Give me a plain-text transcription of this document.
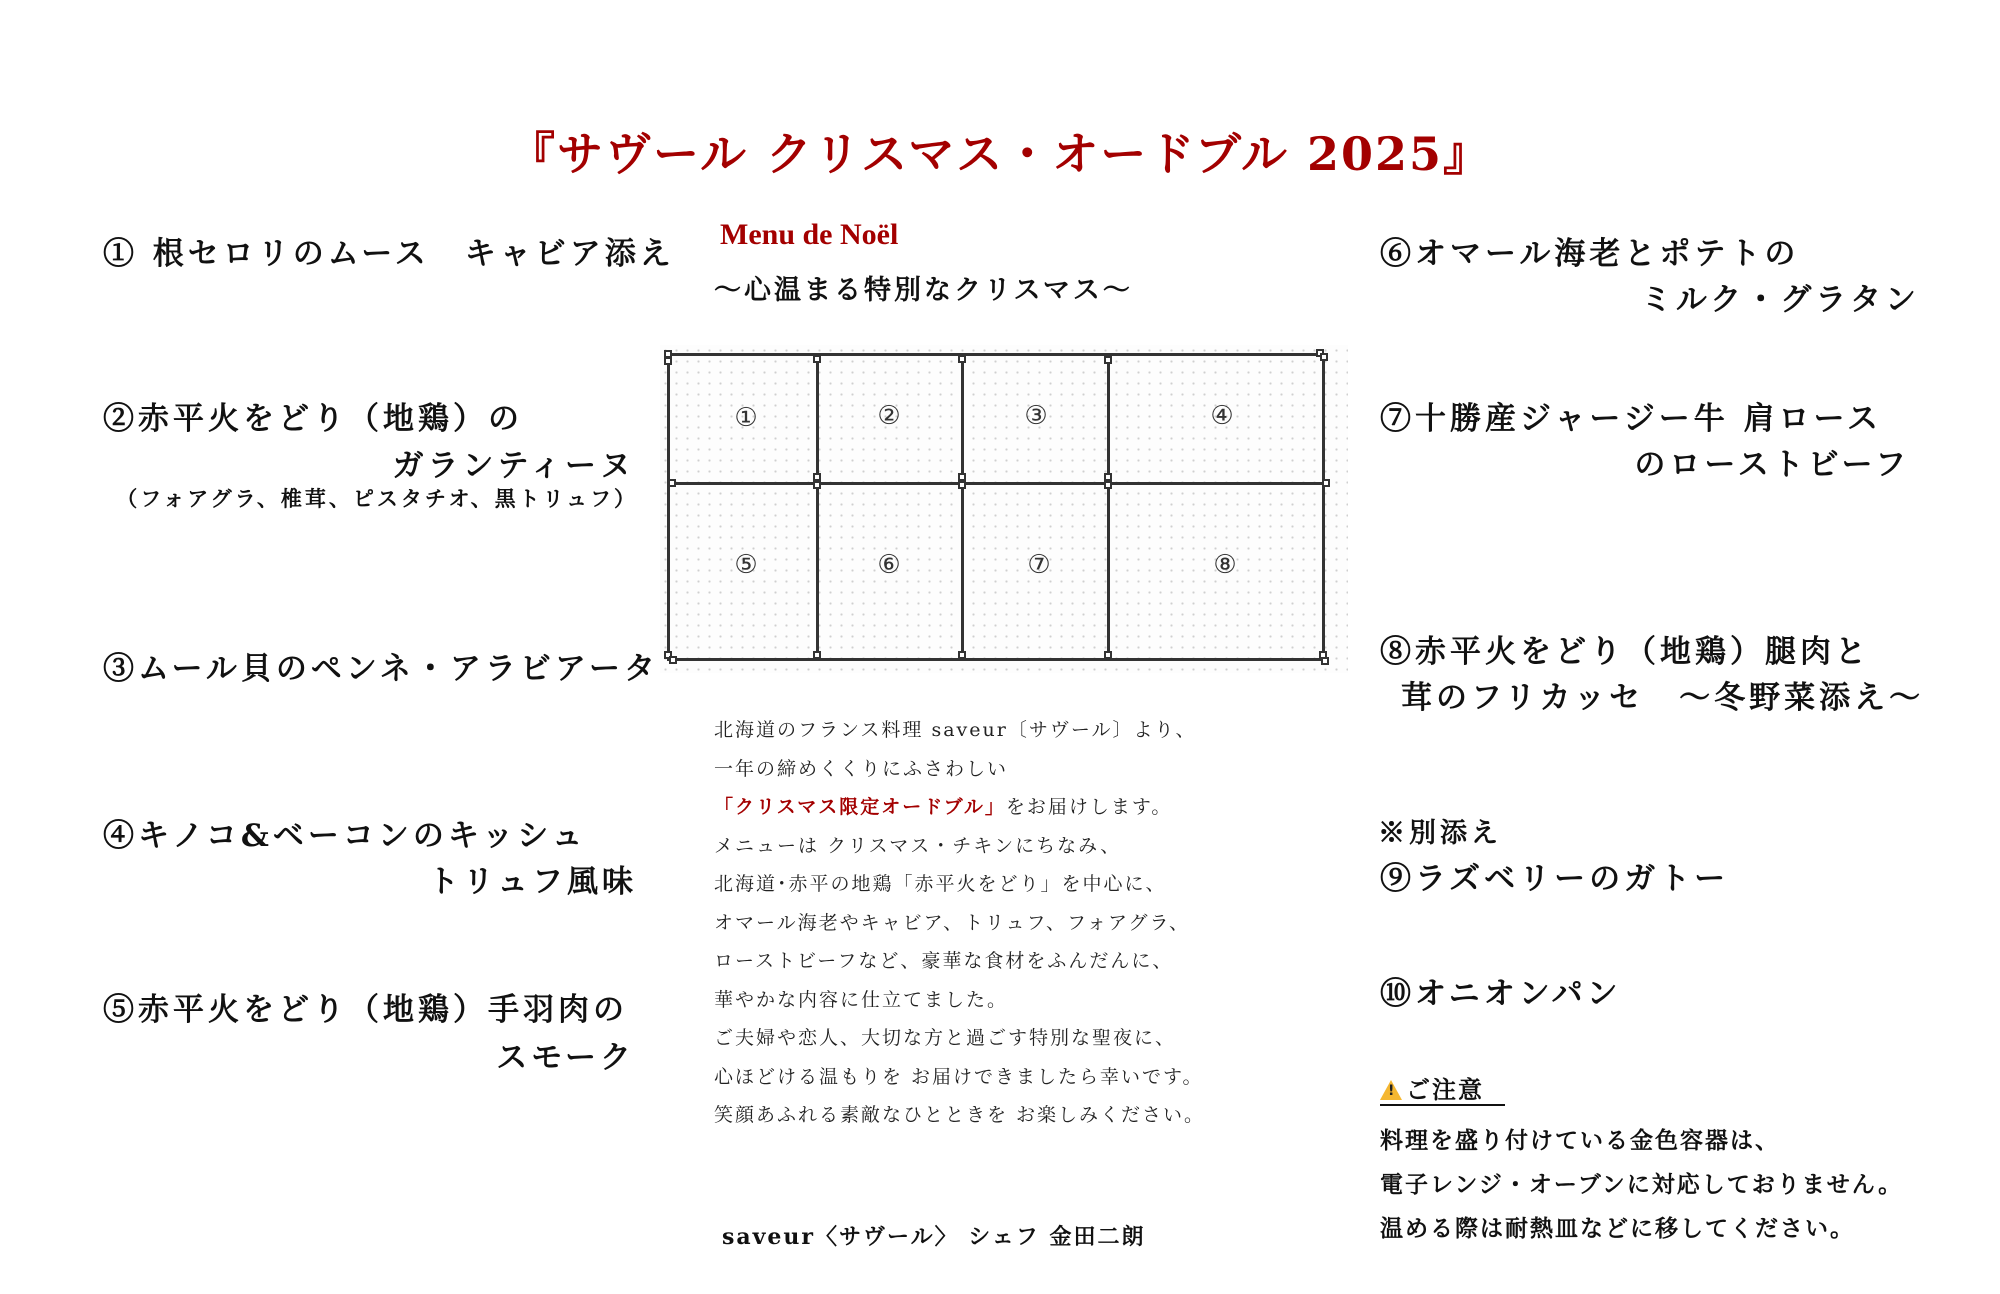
『サヴール クリスマス・オードブル 2025』
① 根セロリのムース　キャビア添え
②赤平火をどり（地鶏）の
ガランティーヌ
（フォアグラ、椎茸、ピスタチオ、黒トリュフ）
③ムール貝のペンネ・アラビアータ
④キノコ&ベーコンのキッシュ
トリュフ風味
⑤赤平火をどり（地鶏）手羽肉の
スモーク
Menu de Noël
～心温まる特別なクリスマス～
①	②	③	④
⑤	⑥	⑦	⑧
北海道のフランス料理 saveur〔サヴール〕より、
一年の締めくくりにふさわしい
「クリスマス限定オードブル」をお届けします。
メニューは クリスマス・チキンにちなみ、
北海道･赤平の地鶏「赤平火をどり」を中心に、
オマール海老やキャビア、トリュフ、フォアグラ、
ローストビーフなど、豪華な食材をふんだんに、
華やかな内容に仕立てました。
ご夫婦や恋人、大切な方と過ごす特別な聖夜に、
心ほどける温もりを お届けできましたら幸いです。
笑顔あふれる素敵なひとときを お楽しみください。
saveur〈サヴール〉 シェフ 金田二朗
⑥オマール海老とポテトの
ミルク・グラタン
⑦十勝産ジャージー牛 肩ロース
のローストビーフ
⑧赤平火をどり（地鶏）腿肉と
茸のフリカッセ　～冬野菜添え～
※別添え
⑨ラズベリーのガトー
⑩オニオンパン
!ご注意
料理を盛り付けている金色容器は、
電子レンジ・オーブンに対応しておりません。
温める際は耐熱皿などに移してください。
